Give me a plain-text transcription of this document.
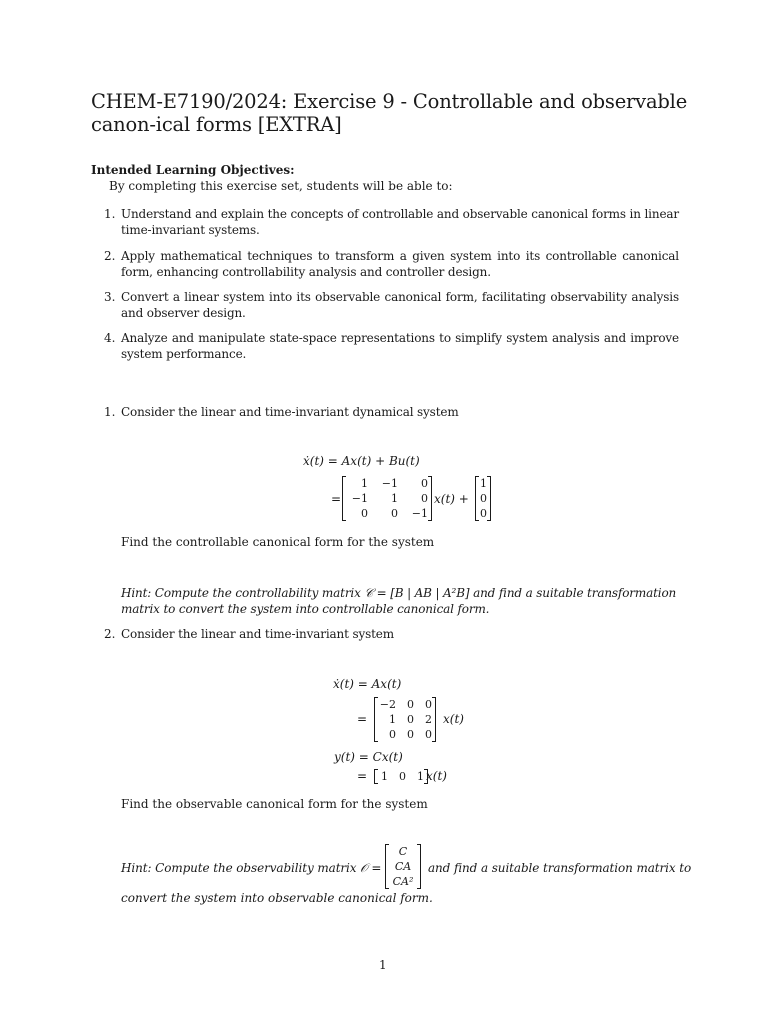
CHEM-E7190/2024: Exercise 9 - Controllable and observable canon-ical forms [EXTRA]
Intended Learning Objectives:
By completing this exercise set, students will be able to:
1. Understand and explain the concepts of controllable and observable canonical forms in linear time-invariant systems.
2. Apply mathematical techniques to transform a given system into its controllable canonical form, enhancing controllability analysis and controller design.
3. Convert a linear system into its observable canonical form, facilitating observability analysis and observer design.
4. Analyze and manipulate state-space representations to simplify system analysis and improve system performance.
1. Consider the linear and time-invariant dynamical system
ẋ(t) = Ax(t) + Bu(t)
=
1	−1	0
−1	1	0
0	0	−1
x(t) +
1
0
0
Find the controllable canonical form for the system
Hint: Compute the controllability matrix 𝒞 = [B | AB | A²B] and find a suitable transformation matrix to convert the system into controllable canonical form.
2. Consider the linear and time-invariant system
ẋ(t) = Ax(t)
=
−2	0	0
1	0	2
0	0	0
x(t)
y(t) = Cx(t)
= 1	0	1 x(t)
Find the observable canonical form for the system
Hint: Compute the observability matrix 𝒪 =
C
CA
CA²
and find a suitable transformation matrix to
convert the system into observable canonical form.
1
